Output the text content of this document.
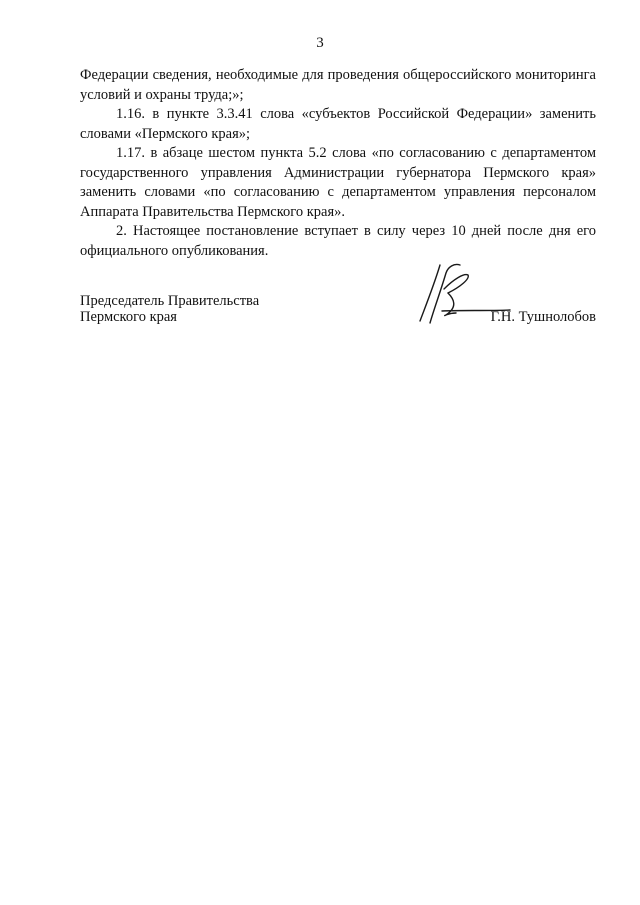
3

Федерации сведения, необходимые для проведения общероссийского мониторинга условий и охраны труда;»;

1.16. в пункте 3.3.41 слова «субъектов Российской Федерации» заменить словами «Пермского края»;

1.17. в абзаце шестом пункта 5.2 слова «по согласованию с департаментом государственного управления Администрации губернатора Пермского края» заменить словами «по согласованию с департаментом управления персоналом Аппарата Правительства Пермского края».

2. Настоящее постановление вступает в силу через 10 дней после дня его официального опубликования.

Председатель Правительства
Пермского края	Г.Н. Тушнолобов
